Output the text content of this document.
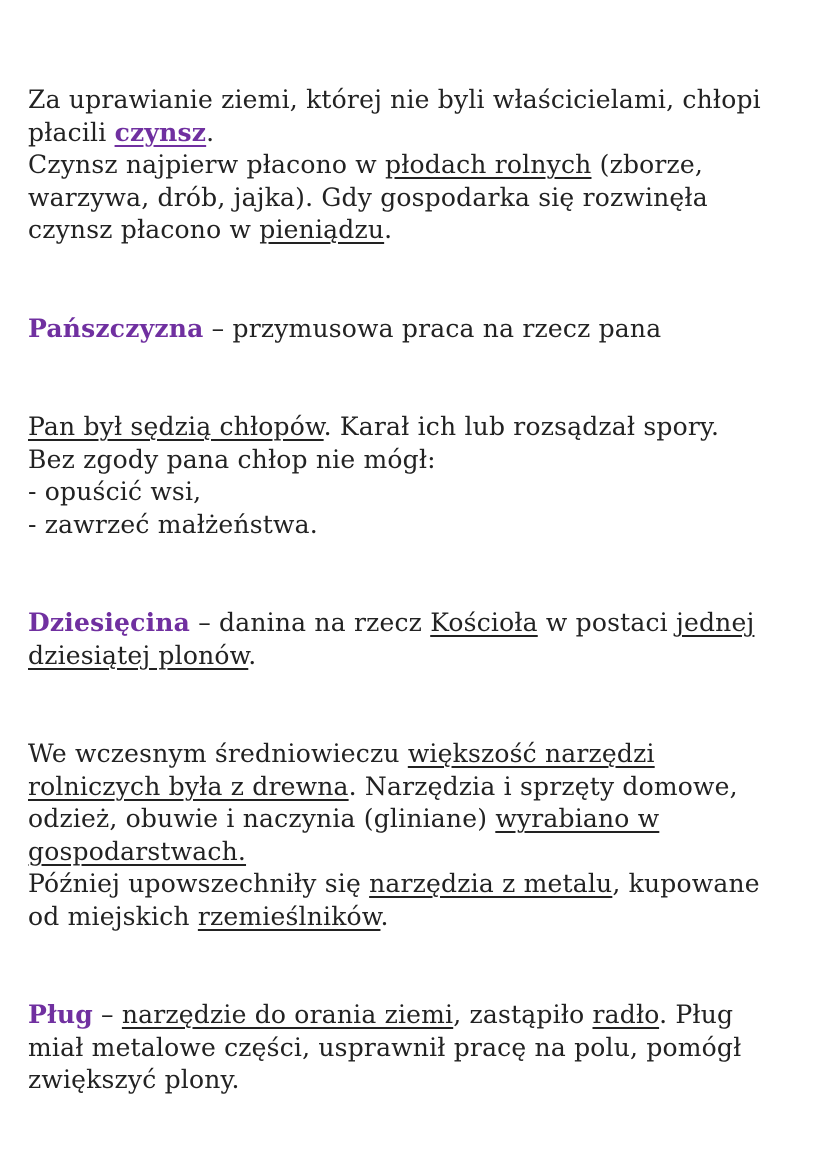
Za uprawianie ziemi, której nie byli właścicielami, chłopi

płacili czynsz.

Czynsz najpierw płacono w płodach rolnych (zborze,

warzywa, drób, jajka). Gdy gospodarka się rozwinęła

czynsz płacono w pieniądzu.

Pańszczyzna – przymusowa praca na rzecz pana

Pan był sędzią chłopów. Karał ich lub rozsądzał spory.

Bez zgody pana chłop nie mógł:

- opuścić wsi,

- zawrzeć małżeństwa.

Dziesięcina – danina na rzecz Kościoła w postaci jednej

dziesiątej plonów.

We wczesnym średniowieczu większość narzędzi

rolniczych była z drewna. Narzędzia i sprzęty domowe,

odzież, obuwie i naczynia (gliniane) wyrabiano w

gospodarstwach.

Później upowszechniły się narzędzia z metalu, kupowane

od miejskich rzemieślników.

Pług – narzędzie do orania ziemi, zastąpiło radło. Pług

miał metalowe części, usprawnił pracę na polu, pomógł

zwiększyć plony.
